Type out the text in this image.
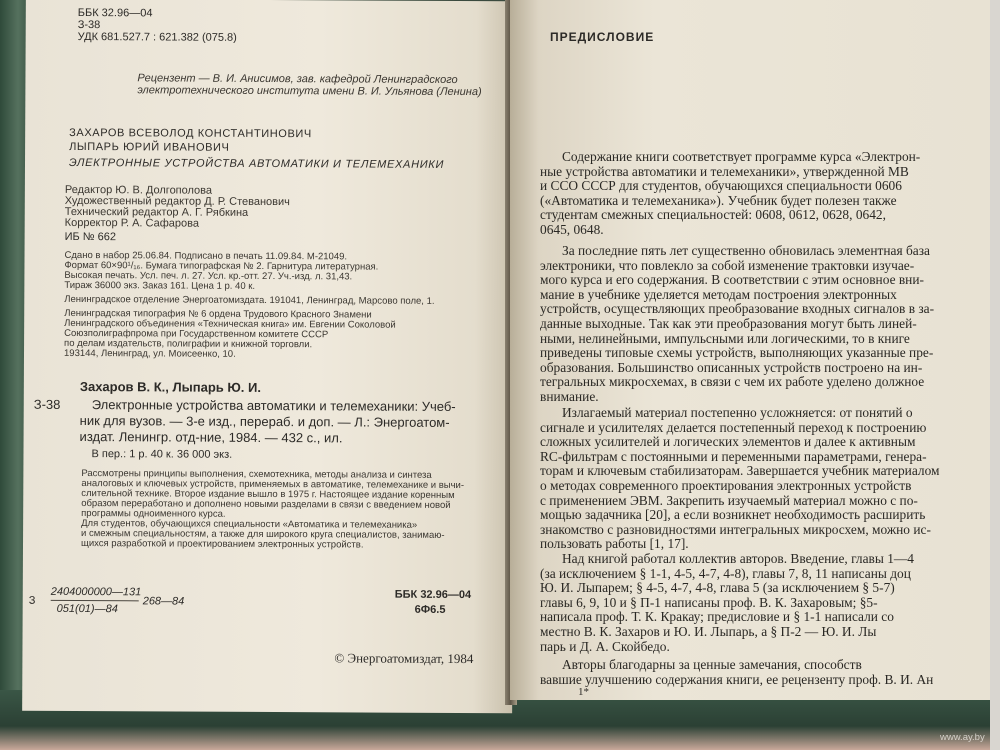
ББК 32.96—04
З-38
УДК 681.527.7 : 621.382 (075.8)
Рецензент — В. И. Анисимов, зав. кафедрой Ленинградского
электротехнического института имени В. И. Ульянова (Ленина)
ЗАХАРОВ ВСЕВОЛОД КОНСТАНТИНОВИЧ
ЛЫПАРЬ ЮРИЙ ИВАНОВИЧ
ЭЛЕКТРОННЫЕ УСТРОЙСТВА АВТОМАТИКИ И ТЕЛЕМЕХАНИКИ
Редактор Ю. В. Долгополова
Художественный редактор Д. Р. Стеванович
Технический редактор А. Г. Рябкина
Корректор Р. А. Сафарова
ИБ № 662
Сдано в набор 25.06.84. Подписано в печать 11.09.84. М-21049.
Формат 60×90¹/₁₆. Бумага типографская № 2. Гарнитура литературная.
Высокая печать. Усл. печ. л. 27. Усл. кр.-отт. 27. Уч.-изд. л. 31,43.
Тираж 36000 экз. Заказ 161. Цена 1 р. 40 к.
Ленинградское отделение Энергоатомиздата. 191041, Ленинград, Марсово поле, 1.
Ленинградская типография № 6 ордена Трудового Красного Знамени
Ленинградского объединения «Техническая книга» им. Евгении Соколовой
Союзполиграфпрома при Государственном комитете СССР
по делам издательств, полиграфии и книжной торговли.
193144, Ленинград, ул. Моисеенко, 10.
Захаров В. К., Лыпарь Ю. И.
З-38 Электронные устройства автоматики и телемеханики: Учеб-
ник для вузов. — 3-е изд., перераб. и доп. — Л.: Энергоатом-
издат. Ленингр. отд-ние, 1984. — 432 с., ил.
В пер.: 1 р. 40 к. 36 000 экз.
Рассмотрены принципы выполнения, схемотехника, методы анализа и синтеза
аналоговых и ключевых устройств, применяемых в автоматике, телемеханике и вычи-
слительной технике. Второе издание вышло в 1975 г. Настоящее издание коренным
образом переработано и дополнено новыми разделами в связи с введением новой
программы одноименного курса.
Для студентов, обучающихся специальности «Автоматика и телемеханика»
и смежным специальностям, а также для широкого круга специалистов, занимаю-
щихся разработкой и проектированием электронных устройств.
З
2404000000—131
051(01)—84
268—84
ББК 32.96—04
6Ф6.5
© Энергоатомиздат, 1984
ПРЕДИСЛОВИЕ

Содержание книги соответствует программе курса «Электрон-

ные устройства автоматики и телемеханики», утвержденной МВ
и ССО СССР для студентов, обучающихся специальности 0606
(«Автоматика и телемеханика»). Учебник будет полезен также
студентам смежных специальностей: 0608, 0612, 0628, 0642,
0645, 0648.

За последние пять лет существенно обновилась элементная база

электроники, что повлекло за собой изменение трактовки изучае-
мого курса и его содержания. В соответствии с этим основное вни-
мание в учебнике уделяется методам построения электронных
устройств, осуществляющих преобразование входных сигналов в за-
данные выходные. Так как эти преобразования могут быть линей-
ными, нелинейными, импульсными или логическими, то в книге
приведены типовые схемы устройств, выполняющих указанные пре-
образования. Большинство описанных устройств построено на ин-
тегральных микросхемах, в связи с чем их работе уделено должное
внимание.

Излагаемый материал постепенно усложняется: от понятий о

сигнале и усилителях делается постепенный переход к построению
сложных усилителей и логических элементов и далее к активным
RC-фильтрам с постоянными и переменными параметрами, генера-
торам и ключевым стабилизаторам. Завершается учебник материалом
о методах современного проектирования электронных устройств
с применением ЭВМ. Закрепить изучаемый материал можно с по-
мощью задачника [20], а если возникнет необходимость расширить
знакомство с разновидностями интегральных микросхем, можно ис-
пользовать работы [1, 17].

Над книгой работал коллектив авторов. Введение, главы 1—4

(за исключением § 1-1, 4-5, 4-7, 4-8), главы 7, 8, 11 написаны доц
Ю. И. Лыпарем; § 4-5, 4-7, 4-8, глава 5 (за исключением § 5-7)
главы 6, 9, 10 и § П-1 написаны проф. В. К. Захаровым; §5-
написала проф. Т. К. Кракау; предисловие и § 1-1 написали со
местно В. К. Захаров и Ю. И. Лыпарь, а § П-2 — Ю. И. Лы
парь и Д. А. Скойбедо.

Авторы благодарны за ценные замечания, способств

вавшие улучшению содержания книги, ее рецензенту проф. В. И. Ан
1*
www.ay.by
